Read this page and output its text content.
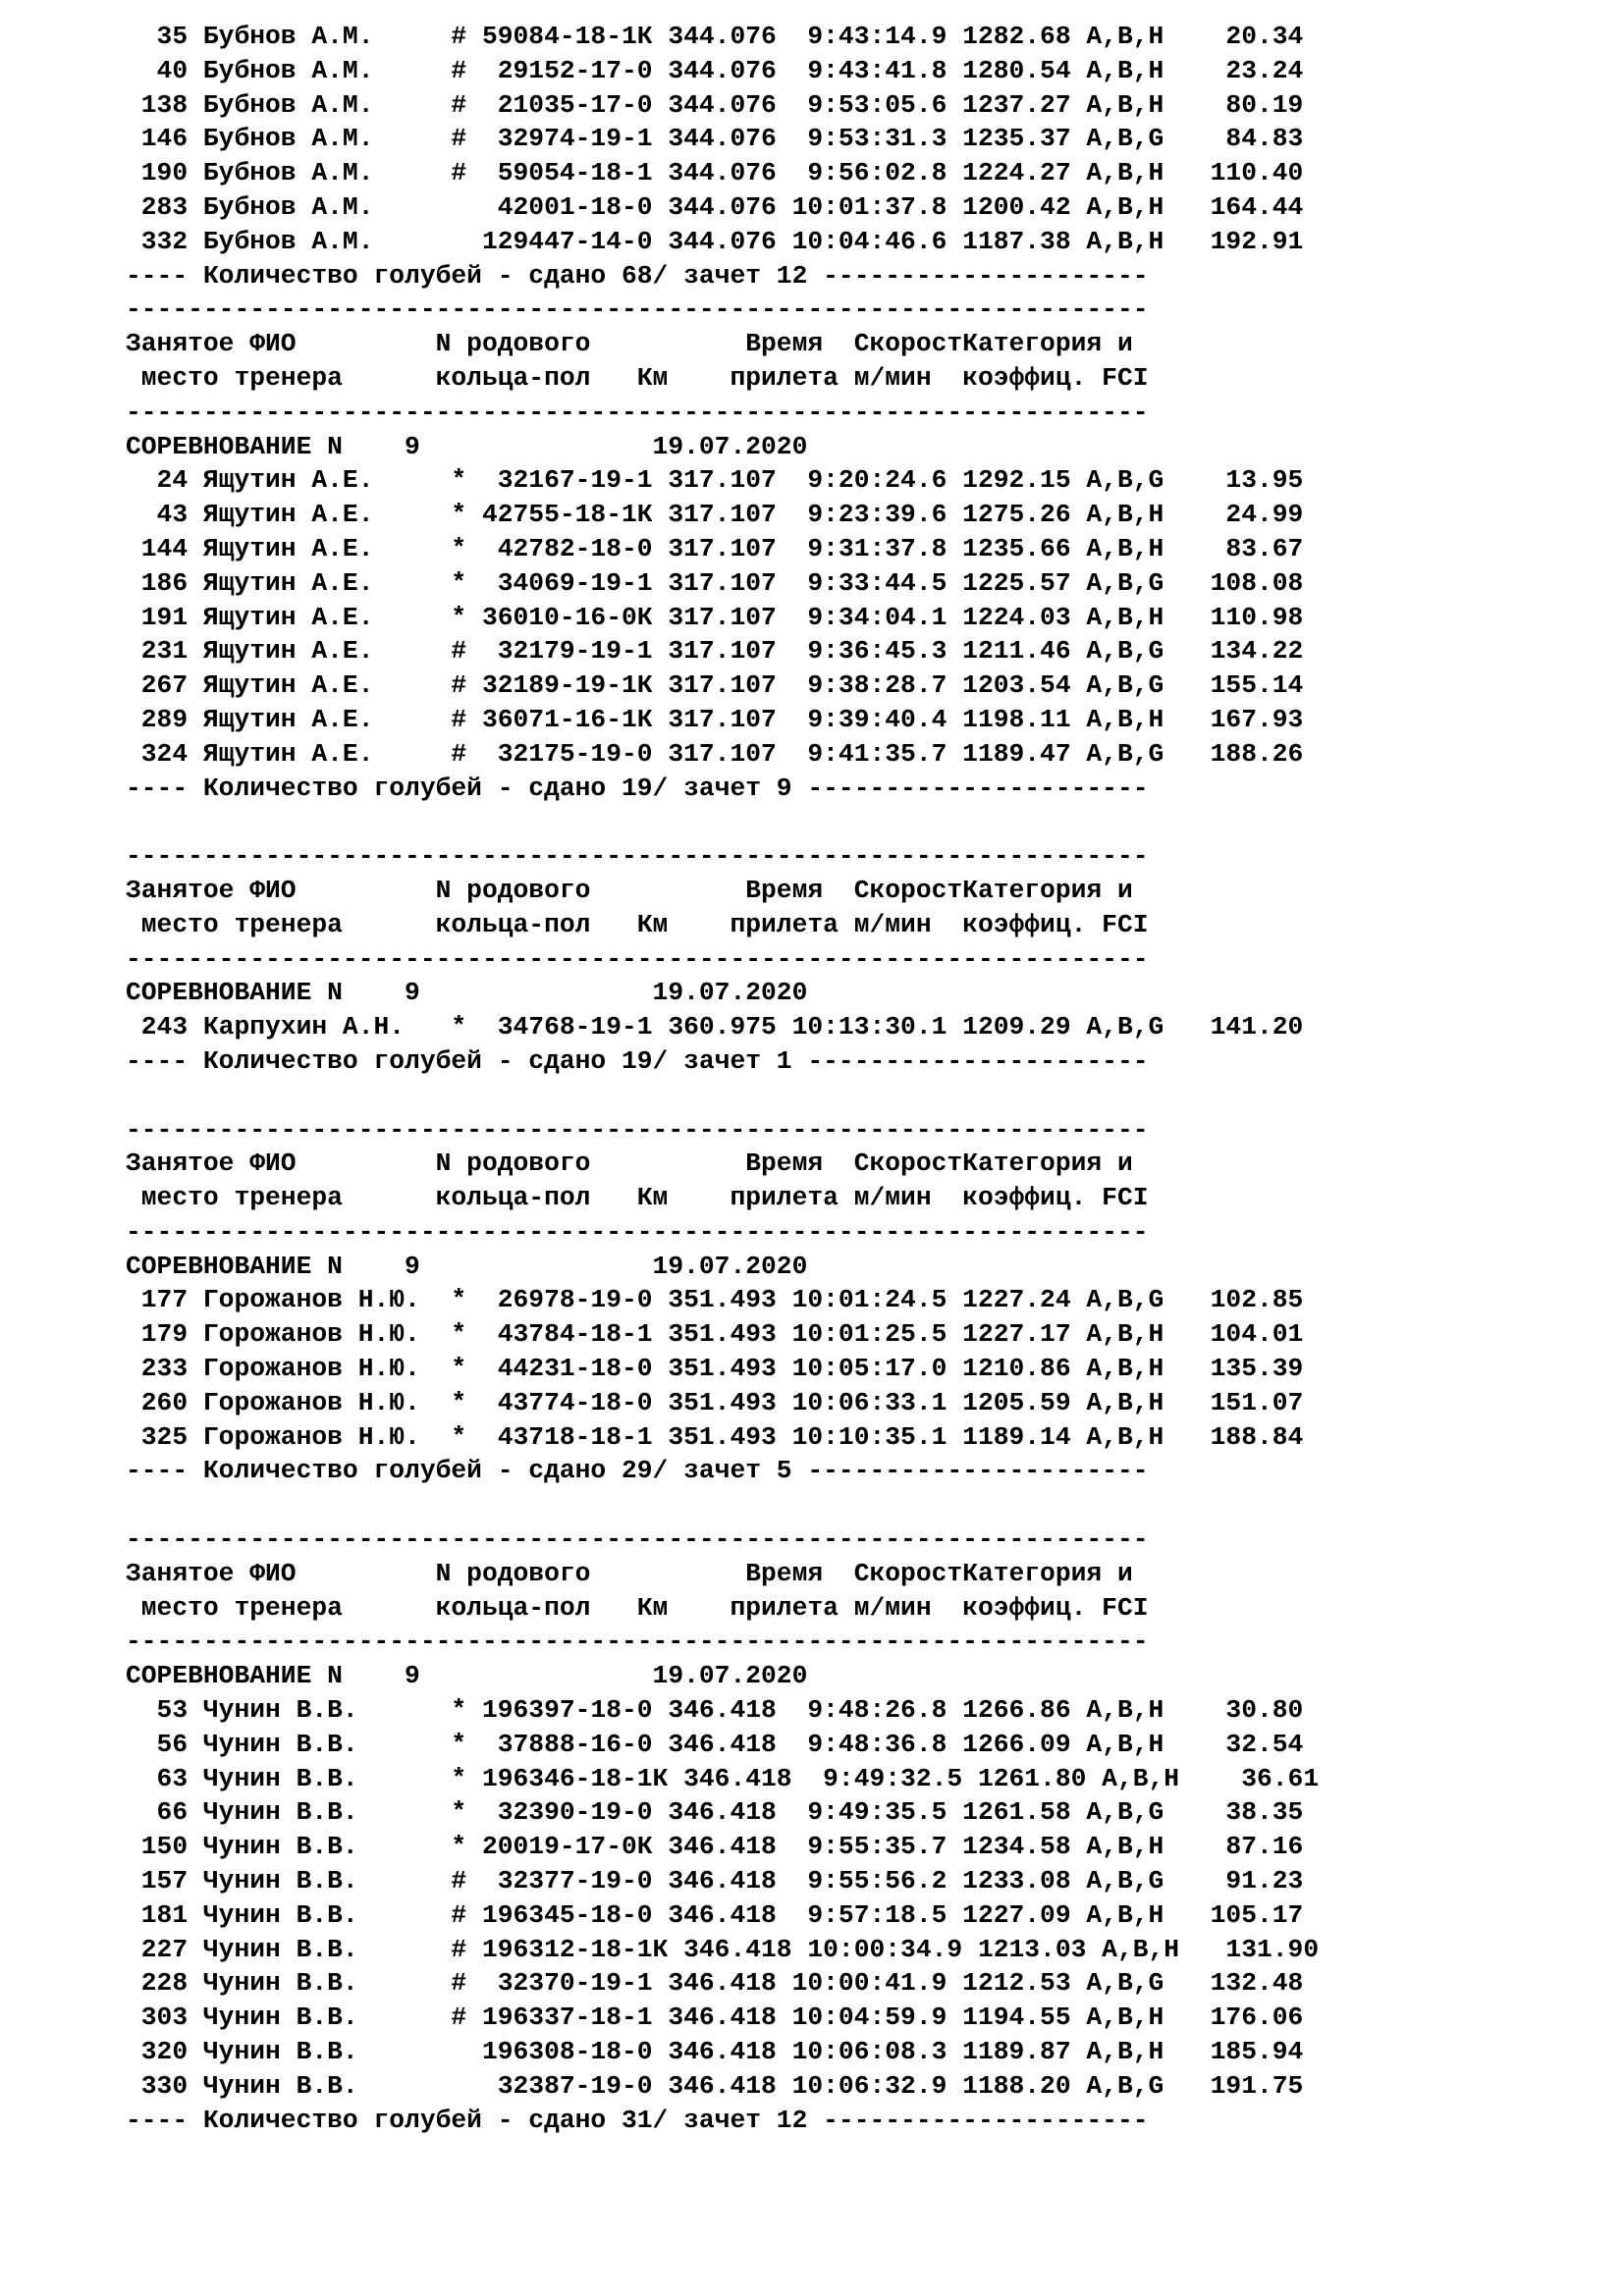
35 Бубнов А.М.     # 59084-18-1К 344.076  9:43:14.9 1282.68 A,B,H    20.34
40 Бубнов А.М.     #  29152-17-0 344.076  9:43:41.8 1280.54 A,B,H    23.24
138 Бубнов А.М.     #  21035-17-0 344.076  9:53:05.6 1237.27 A,B,H    80.19
146 Бубнов А.М.     #  32974-19-1 344.076  9:53:31.3 1235.37 A,B,G    84.83
190 Бубнов А.М.     #  59054-18-1 344.076  9:56:02.8 1224.27 A,B,H   110.40
283 Бубнов А.М.        42001-18-0 344.076 10:01:37.8 1200.42 A,B,H   164.44
332 Бубнов А.М.       129447-14-0 344.076 10:04:46.6 1187.38 A,B,H   192.91
---- Количество голубей - сдано 68/ зачет 12 ---------------------
------------------------------------------------------------------
Занятое ФИО         N родового          Время  СкоростКатегория и
место тренера      кольца-пол   Км    прилета м/мин  коэффиц. FCI
------------------------------------------------------------------
СОРЕВНОВАНИЕ N    9               19.07.2020
24 Ящутин А.Е.     *  32167-19-1 317.107  9:20:24.6 1292.15 A,B,G    13.95
43 Ящутин А.Е.     * 42755-18-1К 317.107  9:23:39.6 1275.26 A,B,H    24.99
144 Ящутин А.Е.     *  42782-18-0 317.107  9:31:37.8 1235.66 A,B,H    83.67
186 Ящутин А.Е.     *  34069-19-1 317.107  9:33:44.5 1225.57 A,B,G   108.08
191 Ящутин А.Е.     * 36010-16-0К 317.107  9:34:04.1 1224.03 A,B,H   110.98
231 Ящутин А.Е.     #  32179-19-1 317.107  9:36:45.3 1211.46 A,B,G   134.22
267 Ящутин А.Е.     # 32189-19-1К 317.107  9:38:28.7 1203.54 A,B,G   155.14
289 Ящутин А.Е.     # 36071-16-1К 317.107  9:39:40.4 1198.11 A,B,H   167.93
324 Ящутин А.Е.     #  32175-19-0 317.107  9:41:35.7 1189.47 A,B,G   188.26
---- Количество голубей - сдано 19/ зачет 9 ----------------------
------------------------------------------------------------------
Занятое ФИО         N родового          Время  СкоростКатегория и
место тренера      кольца-пол   Км    прилета м/мин  коэффиц. FCI
------------------------------------------------------------------
СОРЕВНОВАНИЕ N    9               19.07.2020
243 Карпухин А.Н.   *  34768-19-1 360.975 10:13:30.1 1209.29 A,B,G   141.20
---- Количество голубей - сдано 19/ зачет 1 ----------------------
------------------------------------------------------------------
Занятое ФИО         N родового          Время  СкоростКатегория и
место тренера      кольца-пол   Км    прилета м/мин  коэффиц. FCI
------------------------------------------------------------------
СОРЕВНОВАНИЕ N    9               19.07.2020
177 Горожанов Н.Ю.  *  26978-19-0 351.493 10:01:24.5 1227.24 A,B,G   102.85
179 Горожанов Н.Ю.  *  43784-18-1 351.493 10:01:25.5 1227.17 A,B,H   104.01
233 Горожанов Н.Ю.  *  44231-18-0 351.493 10:05:17.0 1210.86 A,B,H   135.39
260 Горожанов Н.Ю.  *  43774-18-0 351.493 10:06:33.1 1205.59 A,B,H   151.07
325 Горожанов Н.Ю.  *  43718-18-1 351.493 10:10:35.1 1189.14 A,B,H   188.84
---- Количество голубей - сдано 29/ зачет 5 ----------------------
------------------------------------------------------------------
Занятое ФИО         N родового          Время  СкоростКатегория и
место тренера      кольца-пол   Км    прилета м/мин  коэффиц. FCI
------------------------------------------------------------------
СОРЕВНОВАНИЕ N    9               19.07.2020
53 Чунин В.В.      * 196397-18-0 346.418  9:48:26.8 1266.86 A,B,H    30.80
56 Чунин В.В.      *  37888-16-0 346.418  9:48:36.8 1266.09 A,B,H    32.54
63 Чунин В.В.      * 196346-18-1К 346.418  9:49:32.5 1261.80 A,B,H    36.61
66 Чунин В.В.      *  32390-19-0 346.418  9:49:35.5 1261.58 A,B,G    38.35
150 Чунин В.В.      * 20019-17-0К 346.418  9:55:35.7 1234.58 A,B,H    87.16
157 Чунин В.В.      #  32377-19-0 346.418  9:55:56.2 1233.08 A,B,G    91.23
181 Чунин В.В.      # 196345-18-0 346.418  9:57:18.5 1227.09 A,B,H   105.17
227 Чунин В.В.      # 196312-18-1К 346.418 10:00:34.9 1213.03 A,B,H   131.90
228 Чунин В.В.      #  32370-19-1 346.418 10:00:41.9 1212.53 A,B,G   132.48
303 Чунин В.В.      # 196337-18-1 346.418 10:04:59.9 1194.55 A,B,H   176.06
320 Чунин В.В.        196308-18-0 346.418 10:06:08.3 1189.87 A,B,H   185.94
330 Чунин В.В.         32387-19-0 346.418 10:06:32.9 1188.20 A,B,G   191.75
---- Количество голубей - сдано 31/ зачет 12 ---------------------
